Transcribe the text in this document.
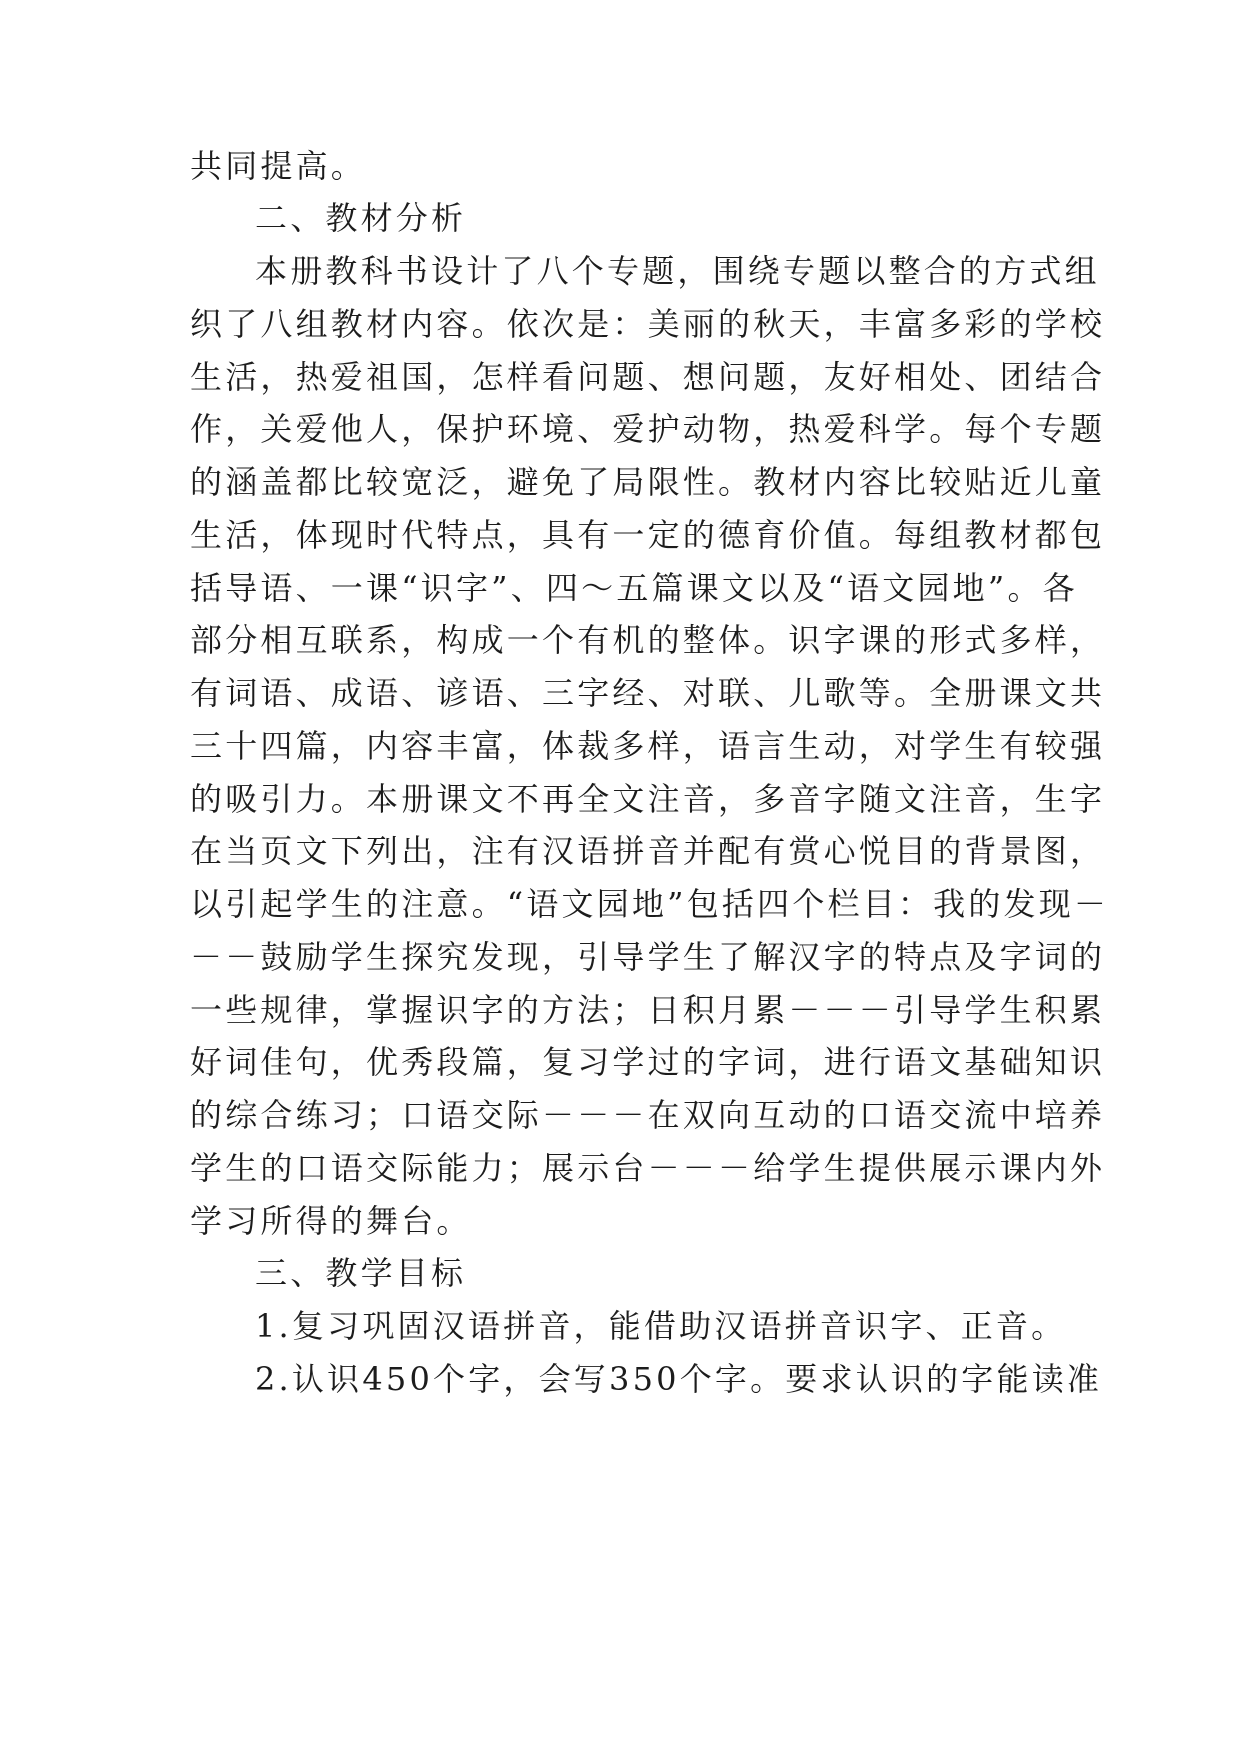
共同提高。
二、教材分析
本册教科书设计了八个专题，围绕专题以整合的方式组
织了八组教材内容。依次是：美丽的秋天，丰富多彩的学校
生活，热爱祖国，怎样看问题、想问题，友好相处、团结合
作，关爱他人，保护环境、爱护动物，热爱科学。每个专题
的涵盖都比较宽泛，避免了局限性。教材内容比较贴近儿童
生活，体现时代特点，具有一定的德育价值。每组教材都包
括导语、一课“识字”、四～五篇课文以及“语文园地”。各
部分相互联系，构成一个有机的整体。识字课的形式多样，
有词语、成语、谚语、三字经、对联、儿歌等。全册课文共
三十四篇，内容丰富，体裁多样，语言生动，对学生有较强
的吸引力。本册课文不再全文注音，多音字随文注音，生字
在当页文下列出，注有汉语拼音并配有赏心悦目的背景图，
以引起学生的注意。“语文园地”包括四个栏目：我的发现－
－－鼓励学生探究发现，引导学生了解汉字的特点及字词的
一些规律，掌握识字的方法；日积月累－－－引导学生积累
好词佳句，优秀段篇，复习学过的字词，进行语文基础知识
的综合练习；口语交际－－－在双向互动的口语交流中培养
学生的口语交际能力；展示台－－－给学生提供展示课内外
学习所得的舞台。
三、教学目标
1.复习巩固汉语拼音，能借助汉语拼音识字、正音。
2.认识450个字，会写350个字。要求认识的字能读准
